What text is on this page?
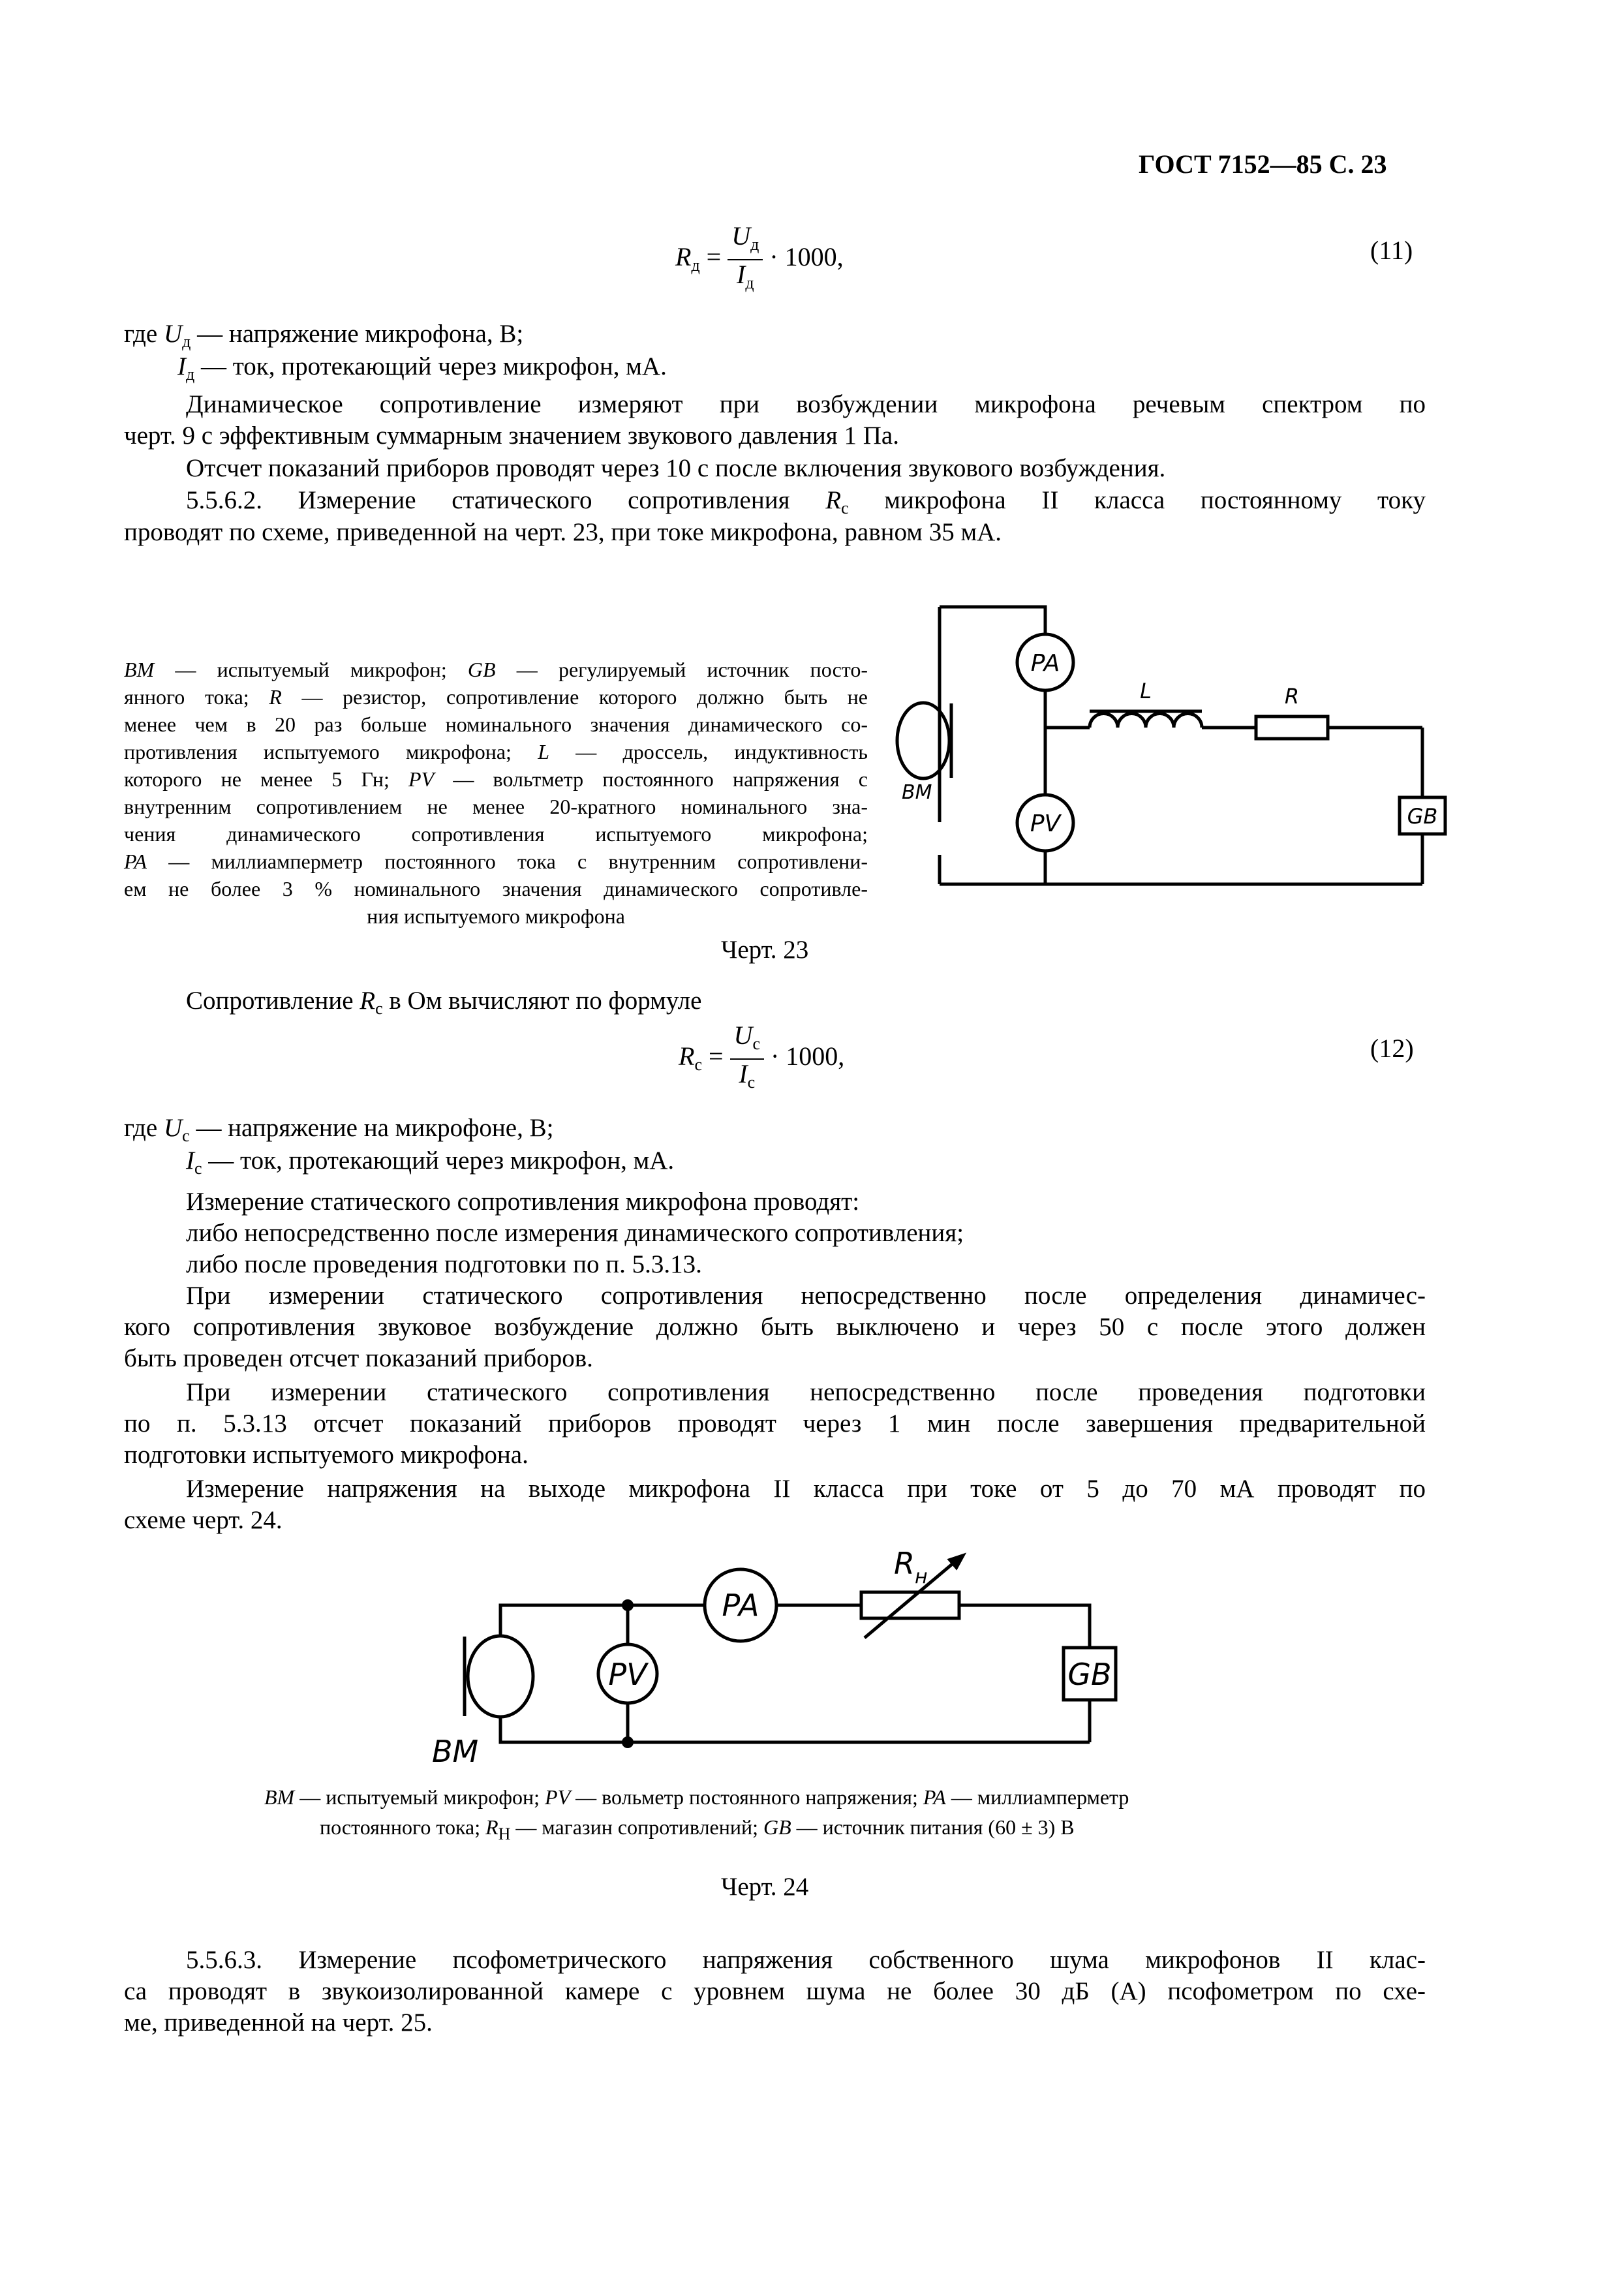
ГОСТ 7152—85 С. 23
$R_д = \frac{U_д}{I_д} \cdot 1000$,	(11)
где $U_д$ — напряжение микрофона, В;
$I_д$ — ток, протекающий через микрофон, мА.
Динамическое сопротивление измеряют при возбуждении микрофона речевым спектром по
черт. 9 с эффективным суммарным значением звукового давления 1 Па.
Отсчет показаний приборов проводят через 10 с после включения звукового возбуждения.
5.5.6.2. Измерение статического сопротивления $R_с$ микрофона II класса постоянному току
проводят по схеме, приведенной на черт. 23, при токе микрофона, равном 35 мА.
BM — испытуемый микрофон; GB — регулируемый источник посто-
янного тока; R — резистор, сопротивление которого должно быть не
менее чем в 20 раз больше номинального значения динамического со-
противления испытуемого микрофона; L — дроссель, индуктивность
которого не менее 5 Гн; PV — вольтметр постоянного напряжения с
внутренним сопротивлением не менее 20-кратного номинального зна-
чения динамического сопротивления испытуемого микрофона;
PA — миллиамперметр постоянного тока с внутренним сопротивлени-
ем не более 3 % номинального значения динамического сопротивле-
ния испытуемого микрофона
PA
PV
L	R
GB
BM
Черт. 23
Сопротивление $R_с$ в Ом вычисляют по формуле
$R_с = \frac{U_с}{I_с} \cdot 1000$,	(12)
где $U_с$ — напряжение на микрофоне, В;
$I_с$ — ток, протекающий через микрофон, мА.
Измерение статического сопротивления микрофона проводят:
либо непосредственно после измерения динамического сопротивления;
либо после проведения подготовки по п. 5.3.13.
При измерении статического сопротивления непосредственно после определения динамичес-
кого сопротивления звуковое возбуждение должно быть выключено и через 50 с после этого должен
быть проведен отсчет показаний приборов.
При измерении статического сопротивления непосредственно после проведения подготовки
по п. 5.3.13 отсчет показаний приборов проводят через 1 мин после завершения предварительной
подготовки испытуемого микрофона.
Измерение напряжения на выходе микрофона II класса при токе от 5 до 70 мА проводят по
схеме черт. 24.
PA
PV	GB
BM
$R_н$
BM — испытуемый микрофон; PV — вольметр постоянного напряжения; PA — миллиамперметр
постоянного тока; $R_Н$ — магазин сопротивлений; GB — источник питания (60 ± 3) В
Черт. 24
5.5.6.3. Измерение псофометрического напряжения собственного шума микрофонов II клас-
са проводят в звукоизолированной камере с уровнем шума не более 30 дБ (А) псофометром по схе-
ме, приведенной на черт. 25.
